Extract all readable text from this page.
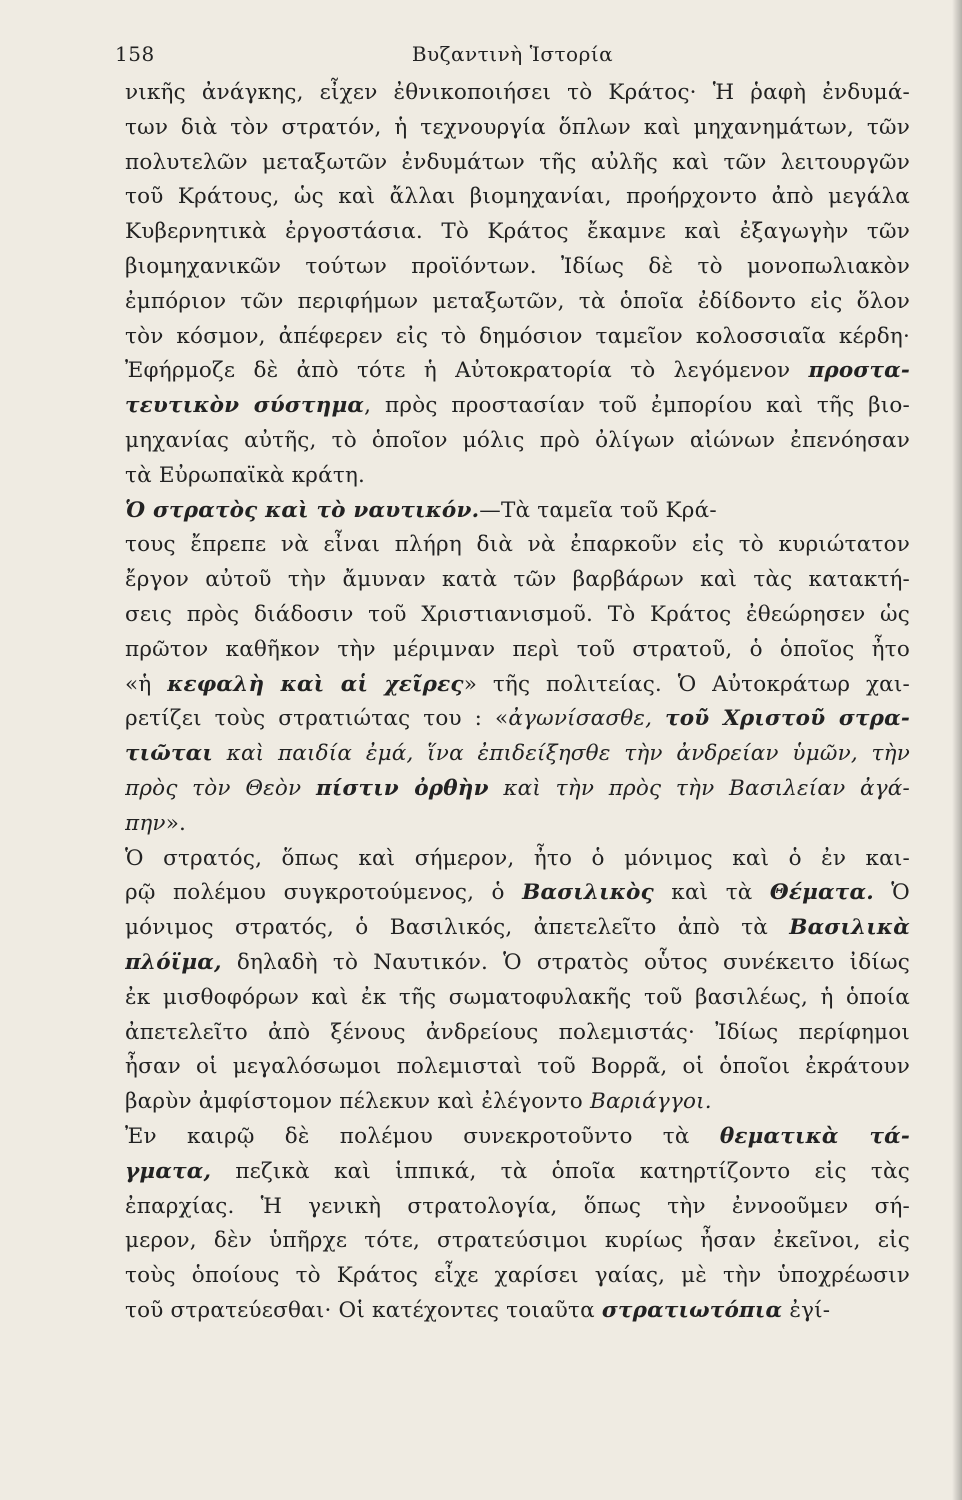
158	Βυζαντινὴ Ἱστορία
νικῆς ἀνάγκης, εἶχεν ἐθνικοποιήσει τὸ Κράτος· Ἡ ῥαφὴ ἐνδυμά-
των διὰ τὸν στρατόν, ἡ τεχνουργία ὅπλων καὶ μηχανημάτων, τῶν
πολυτελῶν μεταξωτῶν ἐνδυμάτων τῆς αὐλῆς καὶ τῶν λειτουργῶν
τοῦ Κράτους, ὡς καὶ ἄλλαι βιομηχανίαι, προήρχοντο ἀπὸ μεγάλα
Κυβερνητικὰ ἐργοστάσια. Τὸ Κράτος ἔκαμνε καὶ ἐξαγωγὴν τῶν
βιομηχανικῶν τούτων προϊόντων. Ἰδίως δὲ τὸ μονοπωλιακὸν
ἐμπόριον τῶν περιφήμων μεταξωτῶν, τὰ ὁποῖα ἐδίδοντο εἰς ὅλον
τὸν κόσμον, ἀπέφερεν εἰς τὸ δημόσιον ταμεῖον κολοσσιαῖα κέρδη·
Ἐφήρμοζε δὲ ἀπὸ τότε ἡ Αὐτοκρατορία τὸ λεγόμενον προστα-
τευτικὸν σύστημα, πρὸς προστασίαν τοῦ ἐμπορίου καὶ τῆς βιο-
μηχανίας αὐτῆς, τὸ ὁποῖον μόλις πρὸ ὀλίγων αἰώνων ἐπενόησαν
τὰ Εὐρωπαϊκὰ κράτη.
Ὁ στρατὸς καὶ τὸ ναυτικόν.—Τὰ ταμεῖα τοῦ Κρά-
τους ἔπρεπε νὰ εἶναι πλήρη διὰ νὰ ἐπαρκοῦν εἰς τὸ κυριώτατον
ἔργον αὐτοῦ τὴν ἄμυναν κατὰ τῶν βαρβάρων καὶ τὰς κατακτή-
σεις πρὸς διάδοσιν τοῦ Χριστιανισμοῦ. Τὸ Κράτος ἐθεώρησεν ὡς
πρῶτον καθῆκον τὴν μέριμναν περὶ τοῦ στρατοῦ, ὁ ὁποῖος ἦτο
«ἡ κεφαλὴ καὶ αἱ χεῖρες» τῆς πολιτείας. Ὁ Αὐτοκράτωρ χαι-
ρετίζει τοὺς στρατιώτας του : «ἀγωνίσασθε, τοῦ Χριστοῦ στρα-
τιῶται καὶ παιδία ἐμά, ἵνα ἐπιδείξησθε τὴν ἀνδρείαν ὑμῶν, τὴν
πρὸς τὸν Θεὸν πίστιν ὀρθὴν καὶ τὴν πρὸς τὴν Βασιλείαν ἀγά-
πην».
Ὁ στρατός, ὅπως καὶ σήμερον, ἦτο ὁ μόνιμος καὶ ὁ ἐν και-
ρῷ πολέμου συγκροτούμενος, ὁ Βασιλικὸς καὶ τὰ Θέματα. Ὁ
μόνιμος στρατός, ὁ Βασιλικός, ἀπετελεῖτο ἀπὸ τὰ Βασιλικὰ
πλόϊμα, δηλαδὴ τὸ Ναυτικόν. Ὁ στρατὸς οὗτος συνέκειτο ἰδίως
ἐκ μισθοφόρων καὶ ἐκ τῆς σωματοφυλακῆς τοῦ βασιλέως, ἡ ὁποία
ἀπετελεῖτο ἀπὸ ξένους ἀνδρείους πολεμιστάς· Ἰδίως περίφημοι
ἦσαν οἱ μεγαλόσωμοι πολεμισταὶ τοῦ Βορρᾶ, οἱ ὁποῖοι ἐκράτουν
βαρὺν ἀμφίστομον πέλεκυν καὶ ἐλέγοντο Βαριάγγοι.
Ἐν καιρῷ δὲ πολέμου συνεκροτοῦντο τὰ θεματικὰ τά-
γματα, πεζικὰ καὶ ἱππικά, τὰ ὁποῖα κατηρτίζοντο εἰς τὰς
ἐπαρχίας. Ἡ γενικὴ στρατολογία, ὅπως τὴν ἐννοοῦμεν σή-
μερον, δὲν ὑπῆρχε τότε, στρατεύσιμοι κυρίως ἦσαν ἐκεῖνοι, εἰς
τοὺς ὁποίους τὸ Κράτος εἶχε χαρίσει γαίας, μὲ τὴν ὑποχρέωσιν
τοῦ στρατεύεσθαι· Οἱ κατέχοντες τοιαῦτα στρατιωτόπια ἐγί-
